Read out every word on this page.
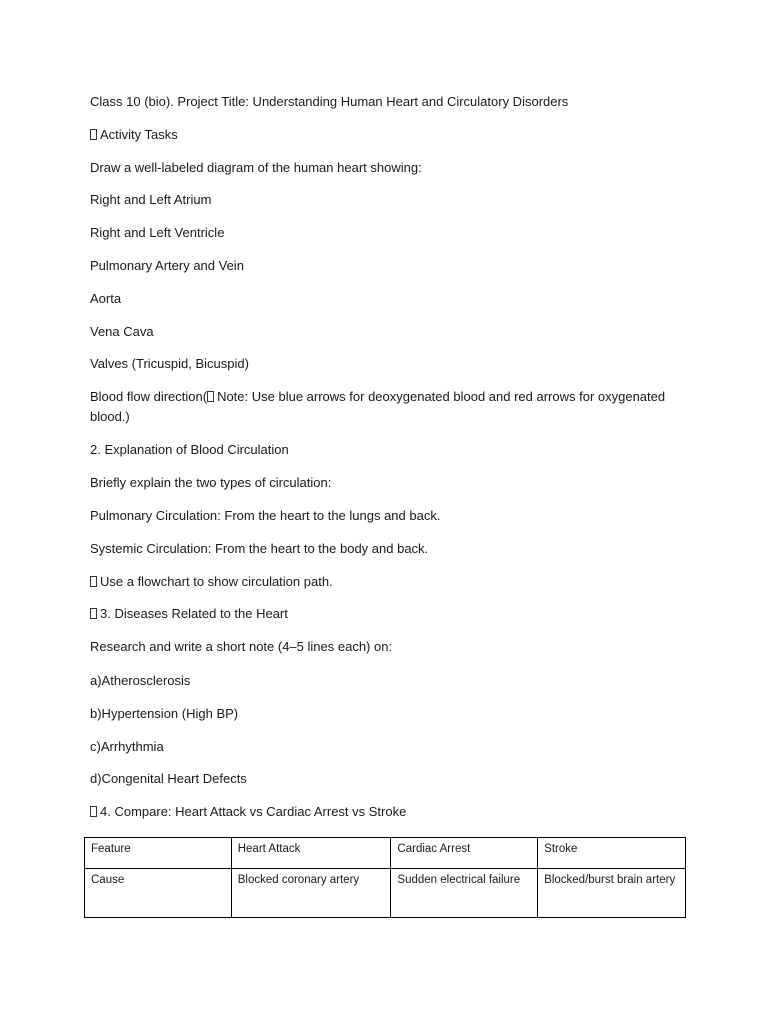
Class 10 (bio). Project Title: Understanding Human Heart and Circulatory Disorders
Activity Tasks
Draw a well-labeled diagram of the human heart showing:
Right and Left Atrium
Right and Left Ventricle
Pulmonary Artery and Vein
Aorta
Vena Cava
Valves (Tricuspid, Bicuspid)
Blood flow direction( Note: Use blue arrows for deoxygenated blood and red arrows for oxygenated blood.)
2. Explanation of Blood Circulation
Briefly explain the two types of circulation:
Pulmonary Circulation: From the heart to the lungs and back.
Systemic Circulation: From the heart to the body and back.
Use a flowchart to show circulation path.
3. Diseases Related to the Heart
Research and write a short note (4–5 lines each) on:
a)Atherosclerosis
b)Hypertension (High BP)
c)Arrhythmia
d)Congenital Heart Defects
4. Compare: Heart Attack vs Cardiac Arrest vs Stroke
Feature	Heart Attack	Cardiac Arrest	Stroke
Cause	Blocked coronary artery	Sudden electrical failure	Blocked/burst brain artery
